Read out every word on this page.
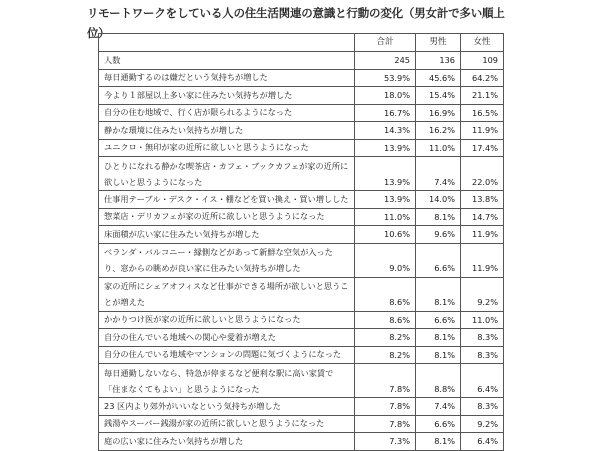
リモートワークをしている人の住生活関連の意識と行動の変化（男女計で多い順上位）
	合計	男性	女性
人数	245	136	109
毎日通勤するのは嫌だという気持ちが増した	53.9%	45.6%	64.2%
今より１部屋以上多い家に住みたい気持ちが増した	18.0%	15.4%	21.1%
自分の住む地域で、行く店が限られるようになった	16.7%	16.9%	16.5%
静かな環境に住みたい気持ちが増した	14.3%	16.2%	11.9%
ユニクロ・無印が家の近所に欲しいと思うようになった	13.9%	11.0%	17.4%
ひとりになれる静かな喫茶店・カフェ・ブックカフェが家の近所に欲しいと思うようになった	13.9%	7.4%	22.0%
仕事用テーブル・デスク・イス・棚などを買い換え・買い増しした	13.9%	14.0%	13.8%
惣菜店・デリカフェが家の近所に欲しいと思うようになった	11.0%	8.1%	14.7%
床面積が広い家に住みたい気持ちが増した	10.6%	9.6%	11.9%
ベランダ・バルコニー・縁側などがあって新鮮な空気が入ったり、窓からの眺めが良い家に住みたい気持ちが増した	9.0%	6.6%	11.9%
家の近所にシェアオフィスなど仕事ができる場所が欲しいと思うことが増えた	8.6%	8.1%	9.2%
かかりつけ医が家の近所に欲しいと思うようになった	8.6%	6.6%	11.0%
自分の住んでいる地域への関心や愛着が増えた	8.2%	8.1%	8.3%
自分の住んでいる地域やマンションの問題に気づくようになった	8.2%	8.1%	8.3%
毎日通勤しないなら、特急が停まるなど便利な駅に高い家賃で「住まなくてもよい」と思うようになった	7.8%	8.8%	6.4%
23 区内より郊外がいいなという気持ちが増した	7.8%	7.4%	8.3%
銭湯やスーパー銭湯が家の近所に欲しいと思うようになった	7.8%	6.6%	9.2%
庭の広い家に住みたい気持ちが増した	7.3%	8.1%	6.4%
